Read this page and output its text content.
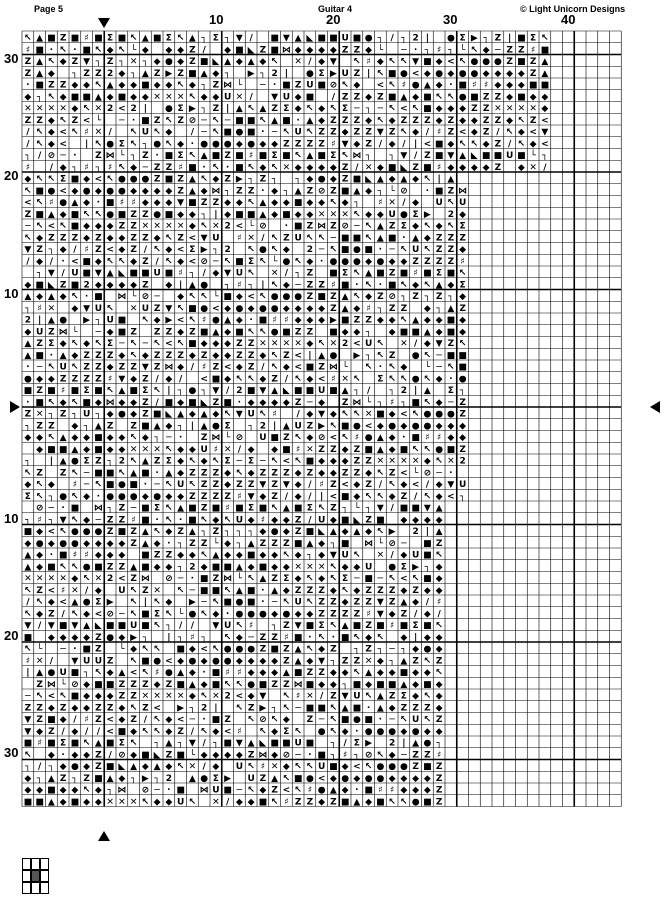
Page 5	Guitar 4	© Light Unicorn Designs
10	20	30	40
30
20
10
10
20
30
↖ ▲ ■ Z ■ ♯ ■ Σ ■ ↖ ▲ ■ Σ ↖ ▲ ┐ Σ ┐ ▼ / ■ ▼ ▲ ◣ ■ ■ U ■ ● ┐ / ┐ 2 | ● Σ ▶ ┐ Z | ■ Σ ↖
♯ ■ · ↖ · ■ ↖ ◆ ↖ └ ◆ ◆ ◆ Z / ◆ ■ ◣ Z ■ ⋈ ◆ ◆ ◆ ◆ Z Z ◆ └ ─ · ┐ ♯ ┐ └ ↖ ◆ ─ Z Z ♯ ■
Z ▲ ↖ ◆ Z ▼ ┐ Z ┐ ✕ ┐ ◆ ● ◆ Z ■ ◣ ▲ ◆ ▲ ◆ ↖ ✕ / ◆ ▼ ↖ ♯ ◆ ↖ ↖ ▼ ■ ◆ < ↖ ● ● ● Z ■ Z ▲
Z ▲ ◆ ┐ Z Z 2 ◆ ┐ ▲ Z ▶ Z ■ ▲ ◆ ┐ ▶ ┐ 2 | ● Σ ▶ U Z | ↖ ■ ● < ◆ ● ◆ ● ● ◆ ◆ ◆ ◆ Z ▲
· ■ Z Z ◆ ◆ ↖ ▲ ◆ ◆ ■ ◆ ◆ ↖ ◆ ┐ Z ⋈ └ ─ · ■ Z U ■ ⊘ ↖ ◆ < ↖ ♯ ● ▲ ◆ · ■ ♯ ♯ ◆ ◆ ◆ ■ ■
◆ ┐ ↖ ◆ ■ ■ ▲ ◆ ■ ◆ ◆ ✕ ✕ ✕ ↖ ◆ ◆ U ✕ / ▼ U ◆ ■ / Z Z ◆ Z ■ ▲ ◆ ■ ↖ ↖ ● ■ Z Z ◆ ■ ◆ ◆
✕ ✕ ✕ ✕ ◆ ↖ ✕ 2 < 2 | ● Σ ▶ ┐ Z | ▲ ↖ ▲ Z Σ ◆ ↖ ◆ ↖ Σ ─ ┐ ─ ↖ < ↖ ■ ◆ ◆ ◆ Z Z ✕ ✕ ✕ ✕ ◆
Z Z ◆ ↖ Z < └ ─ · ■ Z ↖ Z ⊘ ─ ↖ ─ ■ ■ ↖ ▲ ■ · ▲ ◆ Z Z Z ◆ ↖ ◆ Z Z Z ◆ Z ◆ ◆ Z Z ◆ ↖ Z <
/ ↖ ◆ < ↖ ♯ ✕ / ↖ U ↖ ◆ / ─ ↖ ■ ● ■ · ─ ↖ U ↖ Z Z ◆ Z Z ▼ Z ↖ ◆ / ♯ Z < ◆ Z / ↖ ◆ < ▼
/ ↖ ◆ < | ↖ ● Σ ↖ ┐ ● ↖ ◆ · ● ● ● ◆ ● ◆ ◆ Z Z Z Z ♯ ▼ ◆ Z / ◆ / | < ■ ◆ ↖ ↖ ◆ Z / ↖ ◆ <
┐ / ⊘ ─ · Z ⋈ └ ┐ Z · ■ Σ ↖ ▲ ■ Z ■ ♯ ■ Σ ■ ↖ ▲ ■ Σ ↖ ⋈ ┐ ┐ ▼ / Z ■ ▼ ▲ ◣ ■ ■ U ■ └ ┐
♯ / ◆ ┐ ♯ ┐ ♯ ↖ ◆ ─ Z Z ♯ ■ · ↖ · ■ ↖ ◆ ↖ ✕ ◆ ◆ ◆ ◆ Z / ✕ ◆ ■ ◣ Z ■ ♯ ◆ ◆ ◆ ◆ Z ◆ ✕ /
◆ ↖ ↖ Σ ■ ◆ < ↖ ● ● ● Z ■ Z ▲ ↖ ◆ Z ▶ ┐ Z ┐ ┐ ◆ ● ◆ Z ■ ◣ ▲ ◆ ▲ ◆ ↖ | ▲
↖ ■ ● < ◆ ● ◆ ● ● ◆ ◆ ◆ ◆ Z ▲ ◆ ⋈ ┐ Z Z · ◆ ┐ ▲ Z ⊘ Z ■ ▲ ◆ ┐ └ ⊘ · ■ Z ⋈
< ↖ ♯ ● ▲ ◆ · ■ ♯ ♯ ◆ ◆ ◆ ▼ ■ Z Z ◆ ◆ ↖ ▲ ◆ ◆ ■ ◆ ◆ ↖ ◆ ┐ ♯ ✕ / ◆ U ↖ U
Z ■ ▲ ◆ ■ ↖ ↖ ● ■ Z Z ● ■ ◆ ◆ ┐ | ◆ ■ ■ ▲ ◆ ■ ◆ ◆ ✕ ✕ ✕ ↖ ◆ ◆ U ● Σ ▶ 2 ◆
─ ↖ < ↖ ■ ◆ ◆ ◆ Z Z ✕ ✕ ✕ ✕ ◆ ↖ ✕ 2 < └ ⊘ · ■ Z ⋈ Z ⊘ ─ ↖ ▲ Z Σ ◆ ↖ ◆ ↖ Σ
↖ ◆ Z Z Z ◆ Z ◆ ◆ Z Z ◆ ↖ Z < ▼ U ♯ ✕ / ↖ Z U ↖ ↖ ─ ■ ■ ↖ ▲ ■ · ▲ ◆ Z Z Z
▼ Z ┐ ◆ / ♯ Z < ◆ Z / ↖ ◆ < Σ ▶ ┐ 2 ↖ ● ↖ ◆ 2 ─ ↖ ■ ● ■ · ─ ↖ U ↖ Z Z ◆
/ ◆ / · < ■ ◆ ↖ ↖ ◆ Z / ↖ ◆ < ⊘ ─ ↖ ■ Σ ↖ └ ● ↖ ◆ · ● ● ● ◆ ● ◆ ◆ Z Z Z Z ♯
┐ ▼ / U ■ ▼ ▲ ◣ ■ ■ U ■ ♯ ┐ / ◆ ▼ U ↖ ✕ / ┐ Z ■ Σ ↖ ▲ ■ Z ■ ♯ ■ Σ ■ ↖
◆ ■ ◣ Z ■ 2 ◆ ◆ ◆ ◆ Z ◆ | ▲ ● ┐ ♯ ┐ | ↖ ◆ ─ Z Z ♯ ■ · ↖ · ■ ↖ ◆ ↖ ▲ ◆ Σ
▲ ◆ ▲ ◆ ↖ · ■ ⋈ └ ⊘ ─ ◆ ↖ ↖ └ ■ ◆ < ↖ ● ● ● Z ■ Z ▲ ↖ ◆ Z ⊘ ┐ Z ┐ Z ┐ ◆
┐ ♯ ✕ ◆ ▼ U ↖ ✕ U Z ▼ ↖ ■ ● < ◆ ● ◆ ● ● ◆ ◆ ◆ ◆ Z ▲ ◆ ♯ ┐ Z Z ◆ ┐ ▲ Z
2 | ▲ ● ▶ ┐ U ■ ↖ ◆ ▶ < ↖ ♯ ● ▲ ◆ · ■ ♯ ♯ ◆ ◆ ◆ ▶ ■ Z Z ◆ ◆ ↖ ▲ ◆ ◆ ■ ◆
◆ U Z ⋈ └ ─ ◆ ■ Z Z Z ◆ Z ■ ▲ ◆ ■ ↖ ↖ ● ■ Z Z ■ ◆ ◆ ┐ ◆ ■ ■ ▲ ◆ ■ ◆
▲ Z Σ ◆ ↖ ◆ ↖ Σ ─ ↖ ─ ↖ < ↖ ■ ◆ ◆ ◆ Z Z ✕ ✕ ✕ ✕ ◆ ↖ ✕ 2 < U ↖ ✕ / ◆ ▼ Z ↖
▲ ■ · ▲ ◆ Z Z Z ◆ ↖ ◆ Z Z Z ◆ Z ◆ ◆ Z Z ◆ ↖ Z < | ▲ ● ▶ ┐ ↖ Z ● ↖ ─ ■ ■
· ─ ↖ U ↖ Z Z ◆ Z Z ▼ Z ⋈ ◆ / ♯ Z < ◆ Z / ↖ ◆ < ■ Z ⋈ └ ↖ · ↖ ◆ └ ─ ↖ ■
● ◆ ◆ Z Z Z Z ♯ ▼ ◆ Z / ◆ / < ■ ◆ ↖ ↖ ◆ Z / ↖ ◆ < ♯ ✕ ↖ Σ ↖ ↖ ● ↖ ◆ · ●
■ Z ■ ♯ ■ Σ ■ ↖ ▲ ■ Σ ↖ | ┐ ● ┐ ▼ / 2 ■ ▼ ▲ ◣ ■ ■ U ■ ▲ ┐ / ┐ 2 | ▲ Σ ┐
· ■ ↖ ◆ ↖ ■ ◆ ⋈ ◆ ◆ Z / ■ ◆ ■ ◣ Z ■ · ◆ ◆ ◆ ◆ Z ─ ◆ Z ⋈ └ ┐ ♯ ┐ ■ ↖ ◆ ─ Z
Z ✕ ┐ Z ┐ U ┐ ◆ ● ◆ Z ■ ◣ ▲ ◆ ▲ ◆ ↖ ▼ U ↖ ♯ / ◆ ▼ ◆ ↖ ↖ ✕ ■ ◆ < ↖ ● ● ● Z
┐ Z Z ◆ ┐ ▲ Z Z ■ ▲ ◆ ┐ | ▲ ● Σ ┐ 2 | ▲ U Z ▶ ↖ ■ ● < ◆ ● ◆ ● ● ◆ ◆ ◆
◆ ◆ ↖ ▲ ◆ ◆ ■ ◆ ◆ ↖ ◆ ┐ ─ · Z ⋈ └ ⊘ U ■ Z ↖ ◆ ⊘ < ↖ ♯ ● ▲ ◆ · ■ ♯ ♯ ◆ ◆
◆ ■ ■ ▲ ◆ ■ ◆ ◆ ✕ ✕ ✕ ↖ ◆ ◆ U ♯ ✕ / ◆ ◆ ■ ♯ ✕ Z Z ◆ Z ■ ▲ ◆ ■ ↖ ↖ ● ■ Z
┐ | ▲ ● Σ Z ┐ 2 ↖ ▲ Z Σ ◆ ↖ ◆ ↖ Σ ─ Σ ─ ↖ < ↖ ■ ◆ ◆ ◆ Z Z ✕ ✕ ✕ ✕ ◆ ↖ ✕ 2
↖ Z Z ↖ ─ ■ ■ ↖ ▲ ■ · ▲ ◆ Z Z Z ◆ ↖ ◆ Z Z Z ◆ Z ◆ ◆ Z Z ◆ ↖ Z < └ ⊘ ─ ·
◆ ↖ ◆ ♯ ─ ↖ ■ ● ■ · ─ ↖ U ↖ Z Z ◆ Z Z ▼ Z ▼ ◆ / ♯ Z < ◆ Z / ↖ ◆ < / ◆ ▼ U
Σ ↖ ┐ ● ↖ ◆ · ● ● ● ◆ ● ◆ ◆ Z Z Z Z ♯ ▼ ◆ Z / ◆ / | < ■ ◆ ↖ ↖ ◆ Z / ↖ ◆ < ┐
⊘ ─ · ■ ⋈ ┐ Z ─ ■ Σ ↖ ▲ ■ Z ■ ♯ ■ Σ ■ ↖ ▲ ■ Σ ↖ Z ┐ └ ┐ ▼ / ■ ■ ▼ ▲
┐ ♯ ┐ ▼ ↖ ◆ ─ Z Z ♯ ■ · ↖ · ■ ↖ ◆ ↖ U ◆ ♯ ◆ ◆ Z / U ◆ ■ ◣ Z ■ ◆ ◆ ◆ ◆
■ ◆ < ↖ ● ● ● Z ■ Z ▲ ↖ ◆ Z ▲ ┐ Z ┐ ┐ ┐ ◆ ● ◆ Z ■ ◣ ▲ ◆ ▲ ◆ ↖ ▶ 2 | ▲
◆ ● ◆ ● ● ◆ ◆ ◆ ◆ Z ▲ ◆ · ┐ Z Z └ ◆ ┐ ▲ Z Z Z ■ ▲ ◆ ┐ ■ ⋈ └ ⊘ ─ ■ Z
▲ ◆ · ■ ♯ ♯ ◆ ◆ ◆ ■ Z Z ◆ ◆ ↖ ▲ ◆ ◆ ■ ◆ ◆ ↖ ◆ ┐ ◆ ▼ U ↖ ✕ / ◆ U ■ ↖
▲ ◆ ■ ↖ ↖ ● ■ Z Z ▲ ■ ◆ ◆ ┐ 2 ◆ ■ ■ ▲ ◆ ■ ◆ ◆ ✕ ✕ ✕ ↖ ◆ ◆ U ● Σ ▶ ┐ ◆
✕ ✕ ✕ ✕ ◆ ↖ ✕ 2 < Z ⋈ ⊘ ─ · ■ Z ⋈ └ ↖ ▲ Z Σ ◆ ↖ ◆ ↖ Σ ─ ■ ─ ↖ < ↖ ■ ◆
↖ Z < ♯ ✕ / ◆ U ↖ Z ✕ ↖ ─ ■ ■ ↖ ▲ ■ · ▲ ◆ Z Z Z ◆ ↖ ◆ Z Z Z ◆ Z ◆ ◆
/ ↖ ◆ < ▲ ● Σ ▶ ↖ | ↖ ◆ ▶ ─ ↖ ■ ● ■ · ─ ↖ U ↖ Z Z ◆ Z Z ▼ Z ▲ ◆ / ♯
↖ ◆ Z / ↖ ◆ < ⊘ ─ ↖ ■ Σ ↖ └ ● ↖ ◆ · ● ● ● ◆ ● ◆ ◆ Z Z Z Z ♯ ▼ ◆ Z / ◆ /
▼ / ▼ ■ ▼ ▲ ◣ ■ ■ U ■ ↖ ┐ / / ▼ U ↖ ♯ ┐ Z ▼ ■ Σ ↖ ▲ ■ Z ■ ♯ ■ Σ ■ ↖
■ ◆ ◆ ◆ ◆ Z ● ◆ ▶ ┐ | ┐ ♯ ┐ ↖ ◆ ─ Z Z ♯ ■ · ↖ · ■ ↖ ◆ ↖ ◆ | ◆ ◆
↖ └ ─ · ■ Z └ ◆ ↖ ↖ ■ ◆ < ↖ ● ● ● Z ■ Z ▲ ↖ ◆ Z ┐ Z ┐ ─ ┐ ◆ ● ◆
♯ ✕ / ▼ U U Z ↖ ■ ● < ◆ ● ◆ ● ● ◆ ◆ ◆ ◆ Z ▲ ◆ ▼ ┐ Z Z ✕ ◆ ┐ ▲ Z ↖ Z
| ▲ ● U ■ ┐ ↖ ◆ ▲ < ↖ ♯ ● ▲ ◆ · ■ ♯ ♯ ◆ ◆ ◆ ▲ ■ Z Z ◆ ◆ ↖ ▲ ◆ ◆ ■ ◆ ◆ ↖
Z ⋈ └ ⊘ ◆ ■ ■ Z Z Z ◆ Z ■ ▲ ◆ ■ ↖ ↖ ● ■ Z Z ⋈ ■ ◆ ◆ ┐ ■ ◆ ■ ■ ▲ ◆ ■ ◆
─ ↖ < ↖ ■ ◆ ◆ ◆ Z Z ✕ ✕ ✕ ✕ ◆ ↖ ✕ 2 < ◆ ▼ ↖ ♯ ✕ / Z ▼ U ↖ ▲ Z Σ ◆ ↖ ◆
Z Z ◆ Z ◆ ◆ Z Z ◆ ↖ Z < ▶ ┐ 2 | ↖ Z ▶ ┐ ↖ ─ ■ ■ ↖ ▲ ■ · ▲ ◆ Z Z Z ◆
▼ Z ■ ◆ / ♯ Z < ◆ Z / ↖ ◆ < ─ · ■ Z ↖ ⊘ ↖ ◆ Z ─ ↖ ■ ● ■ · ─ ↖ U ↖ Z
▼ ◆ Z / ◆ / / < ■ ◆ ↖ ↖ ◆ Z / ↖ ◆ < ♯ ↖ ◆ Σ ↖ ● ↖ ◆ · ● ● ● ◆ ● ◆ ◆
■ ♯ ■ Σ ■ ↖ ▲ ■ Σ ↖ ┐ ▲ ┐ ▼ / ┐ ■ ▼ ▲ ◣ ■ ■ U ■ ┐ / Σ ▶ 2 | ▲ ● ┐
↖ ◆ · ◆ ◆ Z / ⊘ ◆ ■ ◣ Z ■ └ ◆ ◆ ◆ ◆ Z ⋈ ◆ ⊘ ─ · ■ ┐ ♯ ┐ ⊘ ↖ ◆ ─ Z Z ♯
┐ / ┐ ◆ ● ◆ Z ■ ◣ ▲ ◆ ▲ ◆ ↖ ✕ / ◆ U ↖ ♯ ✕ ◆ ↖ ↖ U ■ ◆ < ↖ ● ● ● Z ■ Z
◆ ┐ ▲ Z ┐ Z ■ ▲ ◆ ┐ ▶ ┐ 2 ▲ ● Σ ▶ U Z ▲ ↖ ■ ● < ◆ ● ◆ ● ● ◆ ◆ ◆ ◆ Z
◆ ◆ ■ ◆ ◆ ↖ ◆ ┐ ⋈ ⊘ ─ · ■ ⋈ U ■ ─ ↖ ◆ Z < ↖ ♯ ● ▲ ◆ · ■ ♯ ♯ ◆ ◆ ◆ Z
■ ■ ▲ ◆ ■ ◆ ◆ ✕ ✕ ✕ ↖ ◆ ◆ U ↖ ✕ / ◆ ◆ ■ ↖ ♯ Z Z ◆ Z ■ ▲ ◆ ■ ↖ ↖ ● ■ Z
